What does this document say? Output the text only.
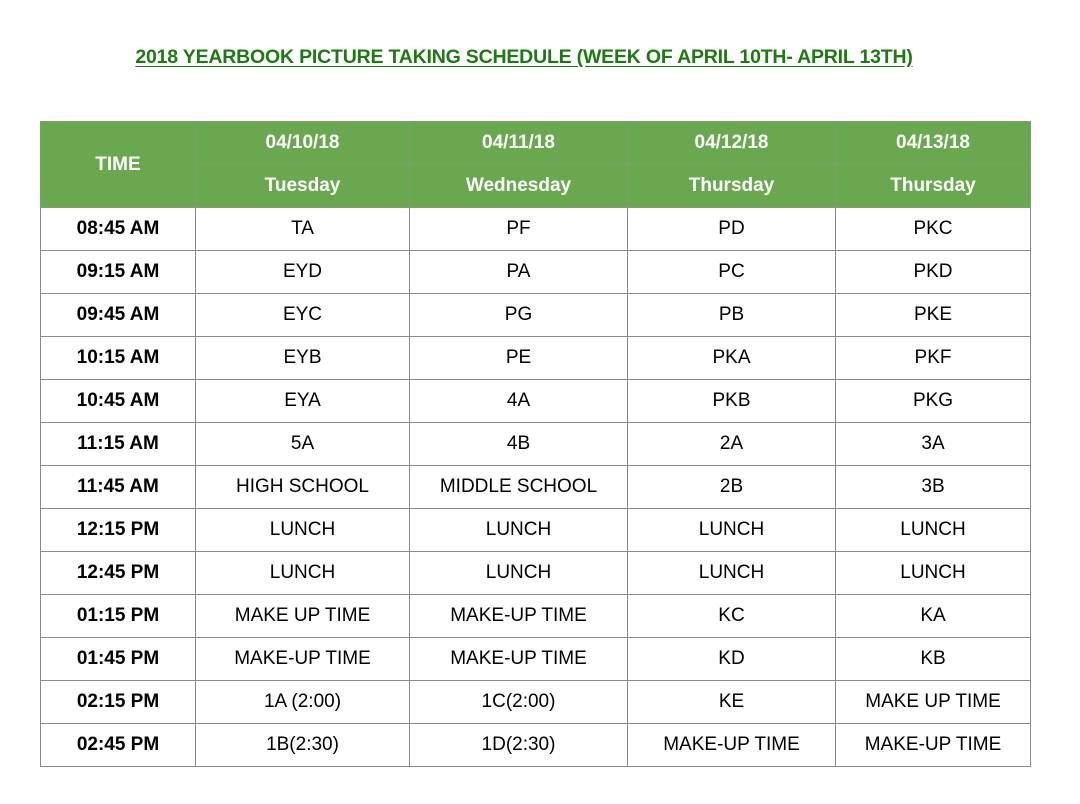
2018 YEARBOOK PICTURE TAKING SCHEDULE (WEEK OF APRIL 10TH- APRIL 13TH)
TIME	04/10/18	04/11/18	04/12/18	04/13/18
	Tuesday	Wednesday	Thursday	Thursday
08:45 AM	TA	PF	PD	PKC
09:15 AM	EYD	PA	PC	PKD
09:45 AM	EYC	PG	PB	PKE
10:15 AM	EYB	PE	PKA	PKF
10:45 AM	EYA	4A	PKB	PKG
11:15 AM	5A	4B	2A	3A
11:45 AM	HIGH SCHOOL	MIDDLE SCHOOL	2B	3B
12:15 PM	LUNCH	LUNCH	LUNCH	LUNCH
12:45 PM	LUNCH	LUNCH	LUNCH	LUNCH
01:15 PM	MAKE UP TIME	MAKE-UP TIME	KC	KA
01:45 PM	MAKE-UP TIME	MAKE-UP TIME	KD	KB
02:15 PM	1A (2:00)	1C(2:00)	KE	MAKE UP TIME
02:45 PM	1B(2:30)	1D(2:30)	MAKE-UP TIME	MAKE-UP TIME
